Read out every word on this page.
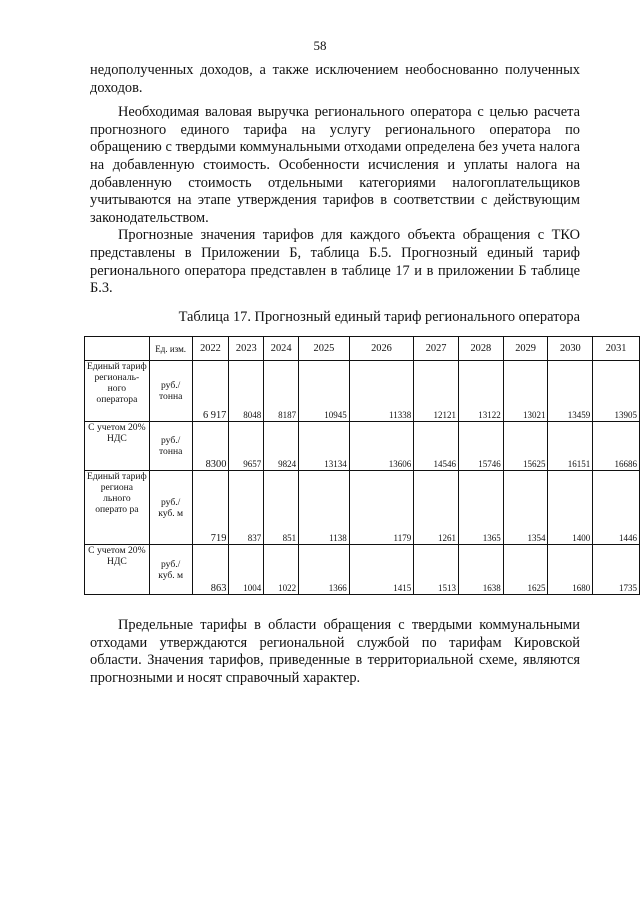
58

недополученных доходов, а также исключением необоснованно полученных доходов.

Необходимая валовая выручка регионального оператора с целью расчета прогнозного единого тарифа на услугу регионального оператора по обращению с твердыми коммунальными отходами определена без учета налога на добавленную стоимость. Особенности исчисления и уплаты налога на добавленную стоимость отдельными категориями налогоплательщиков учитываются на этапе утверждения тарифов в соответствии с действующим законодательством.

Прогнозные значения тарифов для каждого объекта обращения с ТКО представлены в Приложении Б, таблица Б.5. Прогнозный единый тариф регионального оператора представлен в таблице 17 и в приложении Б таблице Б.3.

Таблица 17. Прогнозный единый тариф регионального оператора
	Ед. изм.	2022	2023	2024	2025	2026	2027	2028	2029	2030	2031
Единый тариф региональ-ного оператора	руб./ тонна	6 917	8048	8187	10945	11338	12121	13122	13021	13459	13905
С учетом 20% НДС	руб./ тонна	8300	9657	9824	13134	13606	14546	15746	15625	16151	16686
Единый тариф региона льного операто ра	руб./ куб. м	719	837	851	1138	1179	1261	1365	1354	1400	1446
С учетом 20% НДС	руб./ куб. м	863	1004	1022	1366	1415	1513	1638	1625	1680	1735

Предельные тарифы в области обращения с твердыми коммунальными отходами утверждаются региональной службой по тарифам Кировской области. Значения тарифов, приведенные в территориальной схеме, являются прогнозными и носят справочный характер.
